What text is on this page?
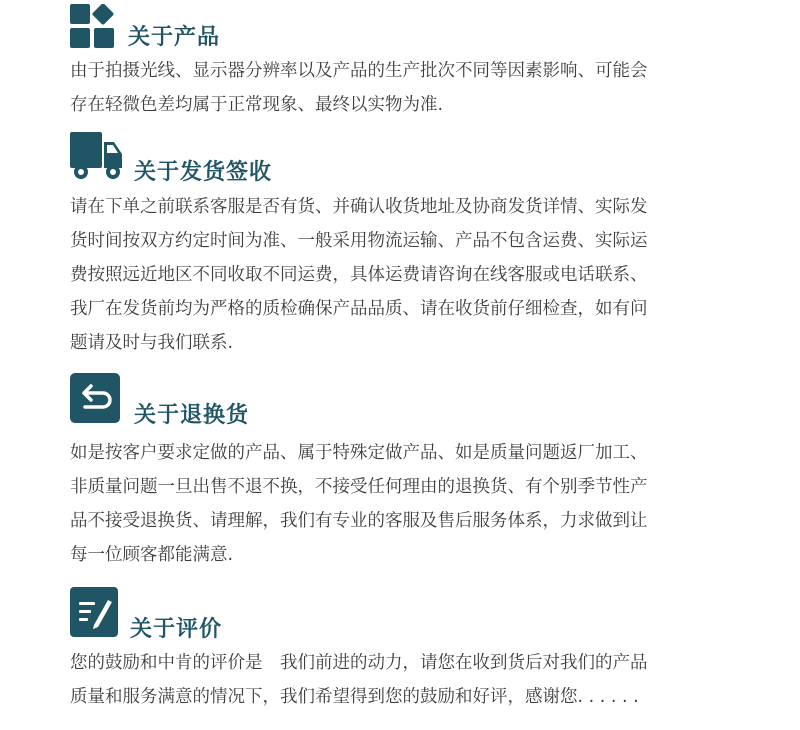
关于产品

由于拍摄光线、显示器分辨率以及产品的生产批次不同等因素影响、可能会

存在轻微色差均属于正常现象、最终以实物为准.

关于发货签收

请在下单之前联系客服是否有货、并确认收货地址及协商发货详情、实际发

货时间按双方约定时间为准、一般采用物流运输、产品不包含运费、实际运

费按照远近地区不同收取不同运费，具体运费请咨询在线客服或电话联系、

我厂在发货前均为严格的质检确保产品品质、请在收货前仔细检查，如有问

题请及时与我们联系.

关于退换货

如是按客户要求定做的产品、属于特殊定做产品、如是质量问题返厂加工、

非质量问题一旦出售不退不换，不接受任何理由的退换货、有个别季节性产

品不接受退换货、请理解，我们有专业的客服及售后服务体系，力求做到让

每一位顾客都能满意.

关于评价

您的鼓励和中肯的评价是　我们前进的动力，请您在收到货后对我们的产品

质量和服务满意的情况下，我们希望得到您的鼓励和好评，感谢您. . . . . .
